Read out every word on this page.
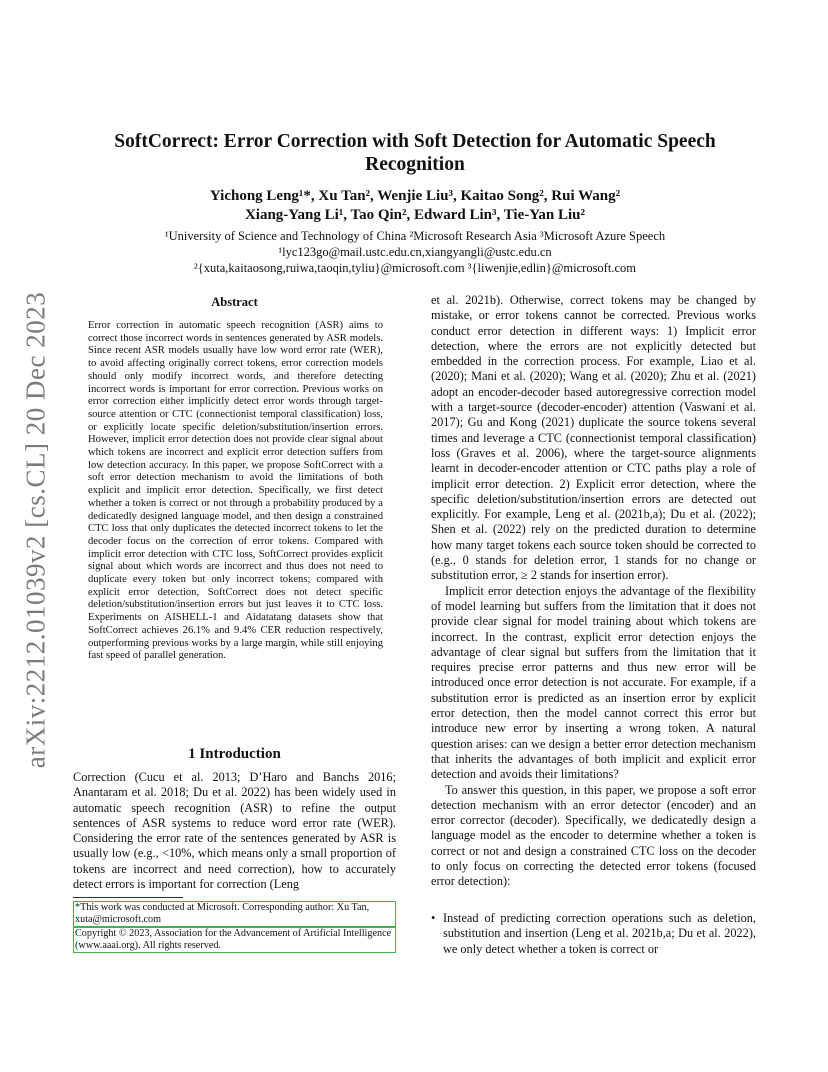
arXiv:2212.01039v2 [cs.CL] 20 Dec 2023
SoftCorrect: Error Correction with Soft Detection for Automatic Speech
Recognition
Yichong Leng¹*, Xu Tan², Wenjie Liu³, Kaitao Song², Rui Wang²
Xiang-Yang Li¹, Tao Qin², Edward Lin³, Tie-Yan Liu²
¹University of Science and Technology of China ²Microsoft Research Asia ³Microsoft Azure Speech
¹lyc123go@mail.ustc.edu.cn,xiangyangli@ustc.edu.cn
²{xuta,kaitaosong,ruiwa,taoqin,tyliu}@microsoft.com ³{liwenjie,edlin}@microsoft.com
Abstract
Error correction in automatic speech recognition (ASR) aims to correct those incorrect words in sentences generated by ASR models. Since recent ASR models usually have low word error rate (WER), to avoid affecting originally correct tokens, error correction models should only modify incorrect words, and therefore detecting incorrect words is important for error correction. Previous works on error correction either implicitly detect error words through target-source attention or CTC (connectionist temporal classification) loss, or explicitly locate specific deletion/substitution/insertion errors. However, implicit error detection does not provide clear signal about which tokens are incorrect and explicit error detection suffers from low detection accuracy. In this paper, we propose SoftCorrect with a soft error detection mechanism to avoid the limitations of both explicit and implicit error detection. Specifically, we first detect whether a token is correct or not through a probability produced by a dedicatedly designed language model, and then design a constrained CTC loss that only duplicates the detected incorrect tokens to let the decoder focus on the correction of error tokens. Compared with implicit error detection with CTC loss, SoftCorrect provides explicit signal about which words are incorrect and thus does not need to duplicate every token but only incorrect tokens; compared with explicit error detection, SoftCorrect does not detect specific deletion/substitution/insertion errors but just leaves it to CTC loss. Experiments on AISHELL-1 and Aidatatang datasets show that SoftCorrect achieves 26.1% and 9.4% CER reduction respectively, outperforming previous works by a large margin, while still enjoying fast speed of parallel generation.
1 Introduction
Correction (Cucu et al. 2013; D’Haro and Banchs 2016; Anantaram et al. 2018; Du et al. 2022) has been widely used in automatic speech recognition (ASR) to refine the output sentences of ASR systems to reduce word error rate (WER). Considering the error rate of the sentences generated by ASR is usually low (e.g., <10%, which means only a small proportion of tokens are incorrect and need correction), how to accurately detect errors is important for correction (Leng
*This work was conducted at Microsoft. Corresponding author: Xu Tan, xuta@microsoft.com
Copyright © 2023, Association for the Advancement of Artificial Intelligence (www.aaai.org). All rights reserved.

et al. 2021b). Otherwise, correct tokens may be changed by mistake, or error tokens cannot be corrected. Previous works conduct error detection in different ways: 1) Implicit error detection, where the errors are not explicitly detected but embedded in the correction process. For example, Liao et al. (2020); Mani et al. (2020); Wang et al. (2020); Zhu et al. (2021) adopt an encoder-decoder based autoregressive correction model with a target-source (decoder-encoder) attention (Vaswani et al. 2017); Gu and Kong (2021) duplicate the source tokens several times and leverage a CTC (connectionist temporal classification) loss (Graves et al. 2006), where the target-source alignments learnt in decoder-encoder attention or CTC paths play a role of implicit error detection. 2) Explicit error detection, where the specific deletion/substitution/insertion errors are detected out explicitly. For example, Leng et al. (2021b,a); Du et al. (2022); Shen et al. (2022) rely on the predicted duration to determine how many target tokens each source token should be corrected to (e.g., 0 stands for deletion error, 1 stands for no change or substitution error, ≥ 2 stands for insertion error).

Implicit error detection enjoys the advantage of the flexibility of model learning but suffers from the limitation that it does not provide clear signal for model training about which tokens are incorrect. In the contrast, explicit error detection enjoys the advantage of clear signal but suffers from the limitation that it requires precise error patterns and thus new error will be introduced once error detection is not accurate. For example, if a substitution error is predicted as an insertion error by explicit error detection, then the model cannot correct this error but introduce new error by inserting a wrong token. A natural question arises: can we design a better error detection mechanism that inherits the advantages of both implicit and explicit error detection and avoids their limitations?

To answer this question, in this paper, we propose a soft error detection mechanism with an error detector (encoder) and an error corrector (decoder). Specifically, we dedicatedly design a language model as the encoder to determine whether a token is correct or not and design a constrained CTC loss on the decoder to only focus on correcting the detected error tokens (focused error detection):

• Instead of predicting correction operations such as deletion, substitution and insertion (Leng et al. 2021b,a; Du et al. 2022), we only detect whether a token is correct or
